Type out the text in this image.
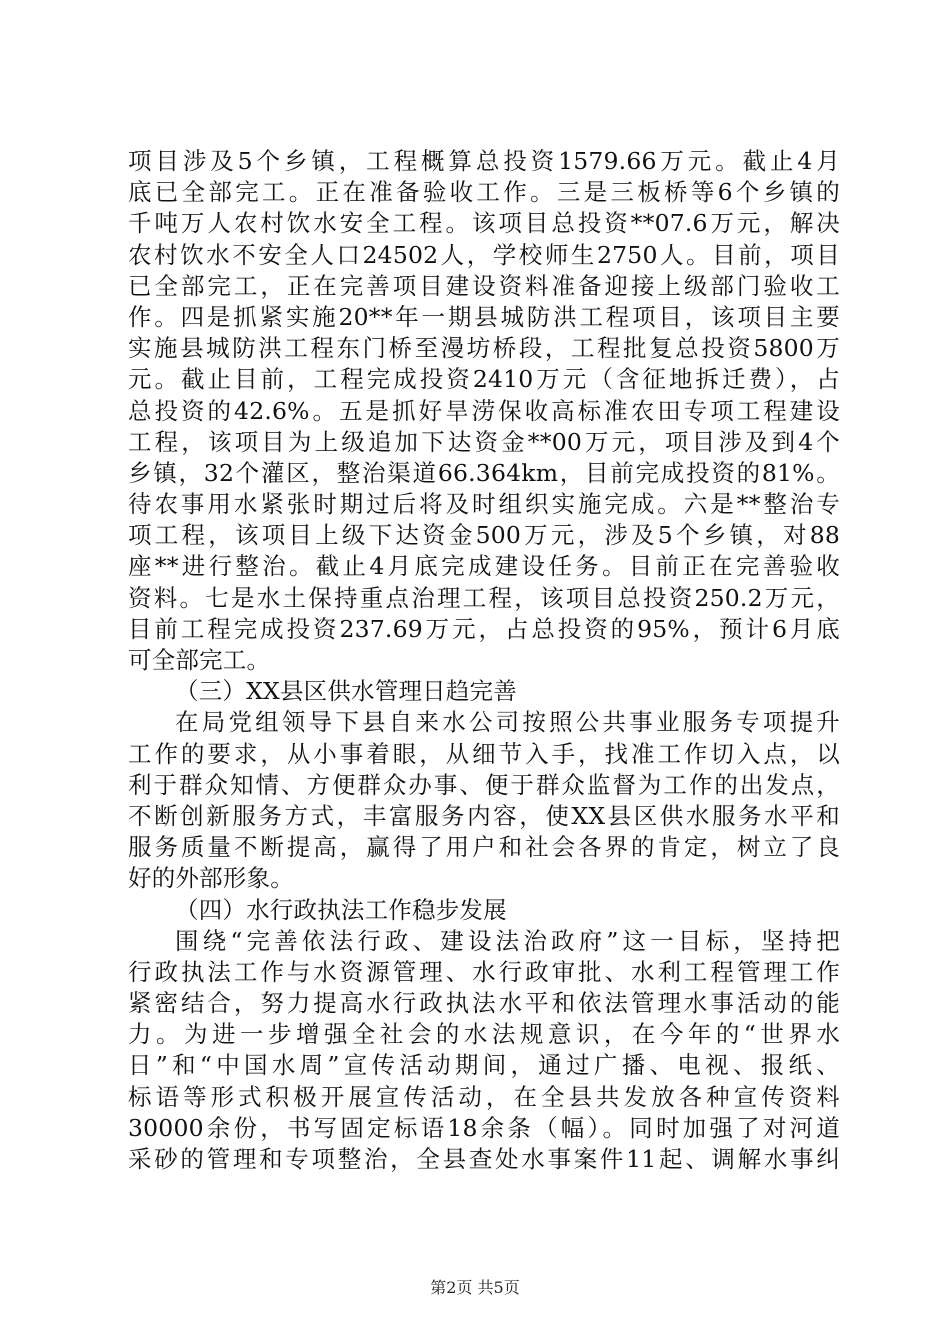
项目涉及5个乡镇，工程概算总投资1579.66万元。截止4月
底已全部完工。正在准备验收工作。三是三板桥等6个乡镇的
千吨万人农村饮水安全工程。该项目总投资**07.6万元，解决
农村饮水不安全人口24502人，学校师生2750人。目前，项目
已全部完工，正在完善项目建设资料准备迎接上级部门验收工
作。四是抓紧实施20**年一期县城防洪工程项目，该项目主要
实施县城防洪工程东门桥至漫坊桥段，工程批复总投资5800万
元。截止目前，工程完成投资2410万元（含征地拆迁费），占
总投资的42.6%。五是抓好旱涝保收高标准农田专项工程建设
工程，该项目为上级追加下达资金**00万元，项目涉及到4个
乡镇，32个灌区，整治渠道66.364km，目前完成投资的81%。
待农事用水紧张时期过后将及时组织实施完成。六是**整治专
项工程，该项目上级下达资金500万元，涉及5个乡镇，对88
座**进行整治。截止4月底完成建设任务。目前正在完善验收
资料。七是水土保持重点治理工程，该项目总投资250.2万元，
目前工程完成投资237.69万元，占总投资的95%，预计6月底
可全部完工。
（三）XX县区供水管理日趋完善
在局党组领导下县自来水公司按照公共事业服务专项提升
工作的要求，从小事着眼，从细节入手，找准工作切入点，以
利于群众知情、方便群众办事、便于群众监督为工作的出发点，
不断创新服务方式，丰富服务内容，使XX县区供水服务水平和
服务质量不断提高，赢得了用户和社会各界的肯定，树立了良
好的外部形象。
（四）水行政执法工作稳步发展
围绕“完善依法行政、建设法治政府”这一目标，坚持把
行政执法工作与水资源管理、水行政审批、水利工程管理工作
紧密结合，努力提高水行政执法水平和依法管理水事活动的能
力。为进一步增强全社会的水法规意识，在今年的“世界水
日”和“中国水周”宣传活动期间，通过广播、电视、报纸、
标语等形式积极开展宣传活动，在全县共发放各种宣传资料
30000余份，书写固定标语18余条（幅）。同时加强了对河道
采砂的管理和专项整治，全县查处水事案件11起、调解水事纠
第2页 共5页
